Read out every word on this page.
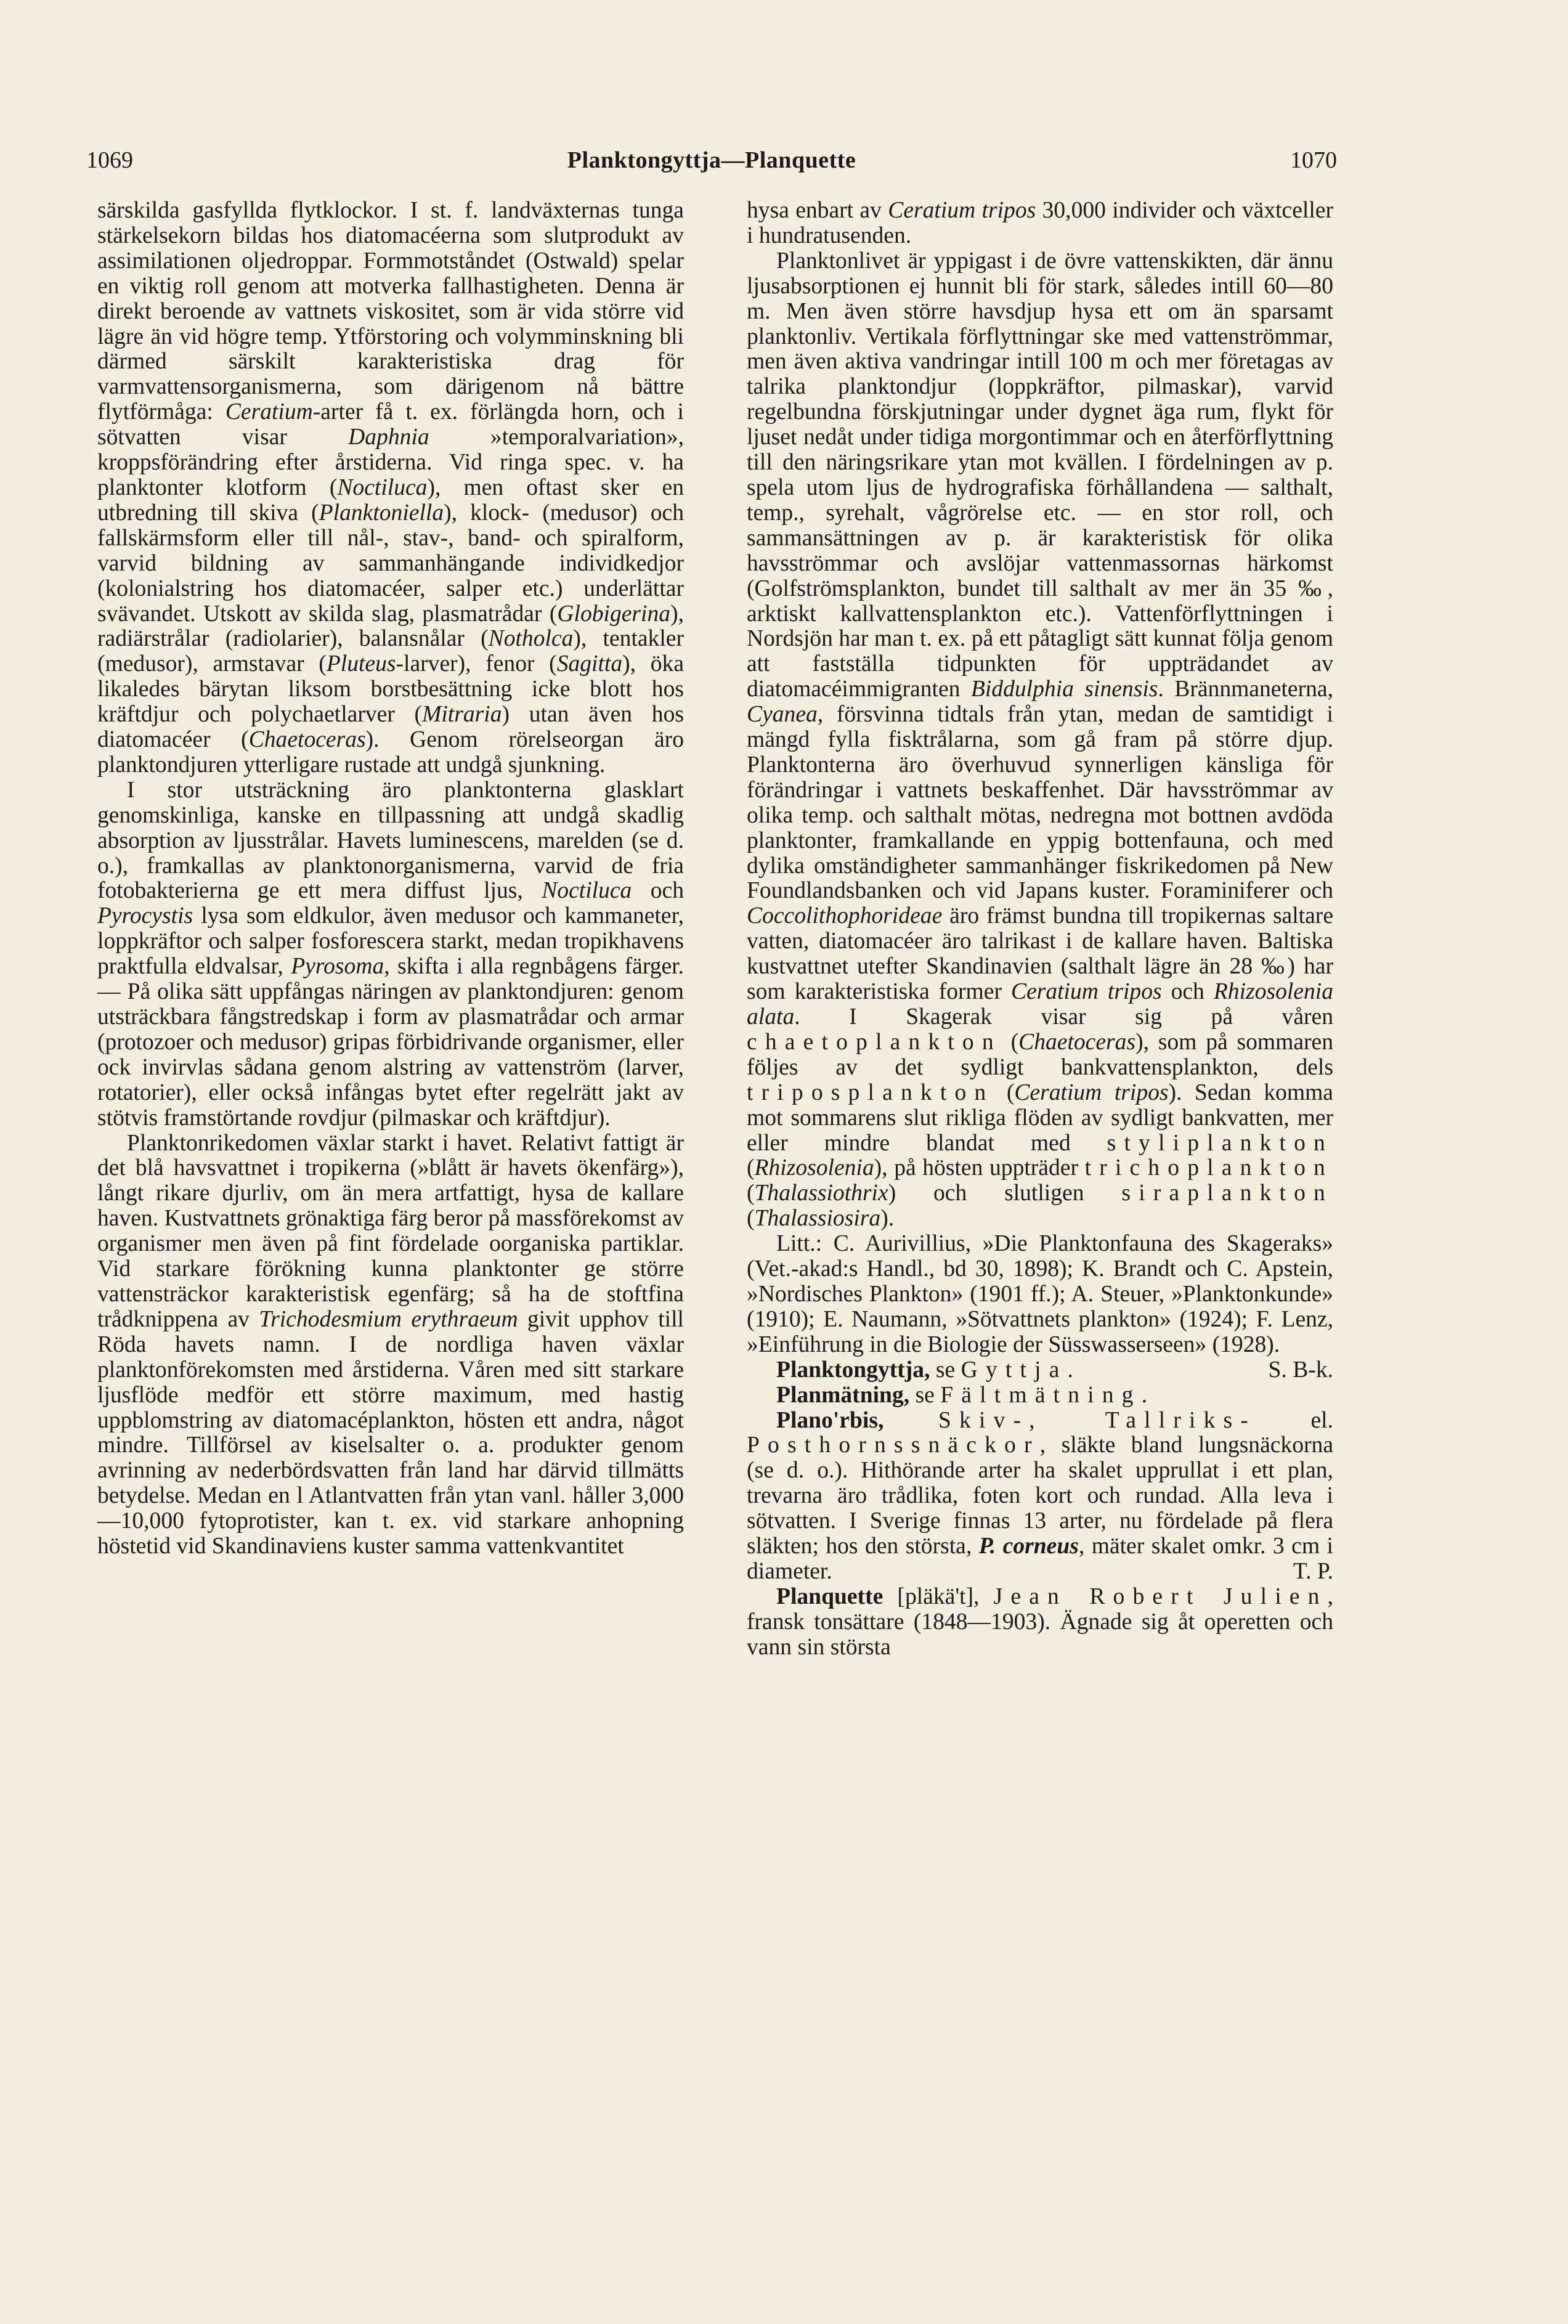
1069	Planktongyttja—Planquette	1070

särskilda gasfyllda flytklockor. I st. f. landväxternas tunga stärkelsekorn bildas hos diatomacéerna som slutprodukt av assimilationen oljedroppar. Formmotståndet (Ostwald) spelar en viktig roll genom att motverka fallhastigheten. Denna är direkt beroende av vattnets viskositet, som är vida större vid lägre än vid högre temp. Ytförstoring och volymminskning bli därmed särskilt karakteristiska drag för varmvattensorganismerna, som därigenom nå bättre flytförmåga: Ceratium-arter få t. ex. förlängda horn, och i sötvatten visar Daphnia »temporalvariation», kroppsförändring efter årstiderna. Vid ringa spec. v. ha planktonter klotform (Noctiluca), men oftast sker en utbredning till skiva (Planktoniella), klock- (medusor) och fallskärmsform eller till nål-, stav-, band- och spiralform, varvid bildning av sammanhängande individkedjor (kolonialstring hos diatomacéer, salper etc.) underlättar svävandet. Utskott av skilda slag, plasmatrådar (Globigerina), radiärstrålar (radiolarier), balansnålar (Notholca), tentakler (medusor), armstavar (Pluteus-larver), fenor (Sagitta), öka likaledes bärytan liksom borstbesättning icke blott hos kräftdjur och polychaetlarver (Mitraria) utan även hos diatomacéer (Chaetoceras). Genom rörelseorgan äro planktondjuren ytterligare rustade att undgå sjunkning.

I stor utsträckning äro planktonterna glasklart genomskinliga, kanske en tillpassning att undgå skadlig absorption av ljusstrålar. Havets luminescens, marelden (se d. o.), framkallas av planktonorganismerna, varvid de fria fotobakterierna ge ett mera diffust ljus, Noctiluca och Pyrocystis lysa som eldkulor, även medusor och kammaneter, loppkräftor och salper fosforescera starkt, medan tropikhavens praktfulla eldvalsar, Pyrosoma, skifta i alla regnbågens färger. — På olika sätt uppfångas näringen av planktondjuren: genom utsträckbara fångstredskap i form av plasmatrådar och armar (protozoer och medusor) gripas förbidrivande organismer, eller ock invirvlas sådana genom alstring av vattenström (larver, rotatorier), eller också infångas bytet efter regelrätt jakt av stötvis framstörtande rovdjur (pilmaskar och kräftdjur).

Planktonrikedomen växlar starkt i havet. Relativt fattigt är det blå havsvattnet i tropikerna (»blått är havets ökenfärg»), långt rikare djurliv, om än mera artfattigt, hysa de kallare haven. Kustvattnets grönaktiga färg beror på massförekomst av organismer men även på fint fördelade oorganiska partiklar. Vid starkare förökning kunna planktonter ge större vattensträckor karakteristisk egenfärg; så ha de stoftfina trådknippena av Trichodesmium erythraeum givit upphov till Röda havets namn. I de nordliga haven växlar planktonförekomsten med årstiderna. Våren med sitt starkare ljusflöde medför ett större maximum, med hastig uppblomstring av diatomacéplankton, hösten ett andra, något mindre. Tillförsel av kiselsalter o. a. produkter genom avrinning av nederbördsvatten från land har därvid tillmätts betydelse. Medan en l Atlantvatten från ytan vanl. håller 3,000—10,000 fytoprotister, kan t. ex. vid starkare anhopning höstetid vid Skandinaviens kuster samma vattenkvantitet

hysa enbart av Ceratium tripos 30,000 individer och växtceller i hundratusenden.

Planktonlivet är yppigast i de övre vattenskikten, där ännu ljusabsorptionen ej hunnit bli för stark, således intill 60—80 m. Men även större havsdjup hysa ett om än sparsamt planktonliv. Vertikala förflyttningar ske med vattenströmmar, men även aktiva vandringar intill 100 m och mer företagas av talrika planktondjur (loppkräftor, pilmaskar), varvid regelbundna förskjutningar under dygnet äga rum, flykt för ljuset nedåt under tidiga morgontimmar och en återförflyttning till den näringsrikare ytan mot kvällen. I fördelningen av p. spela utom ljus de hydrografiska förhållandena — salthalt, temp., syrehalt, vågrörelse etc. — en stor roll, och sammansättningen av p. är karakteristisk för olika havsströmmar och avslöjar vattenmassornas härkomst (Golfströmsplankton, bundet till salthalt av mer än 35 ‰, arktiskt kallvattensplankton etc.). Vattenförflyttningen i Nordsjön har man t. ex. på ett påtagligt sätt kunnat följa genom att fastställa tidpunkten för uppträdandet av diatomacéimmigranten Biddulphia sinensis. Brännmaneterna, Cyanea, försvinna tidtals från ytan, medan de samtidigt i mängd fylla fisktrålarna, som gå fram på större djup. Planktonterna äro överhuvud synnerligen känsliga för förändringar i vattnets beskaffenhet. Där havsströmmar av olika temp. och salthalt mötas, nedregna mot bottnen avdöda planktonter, framkallande en yppig bottenfauna, och med dylika omständigheter sammanhänger fiskrikedomen på New Foundlandsbanken och vid Japans kuster. Foraminiferer och Coccolithophorideae äro främst bundna till tropikernas saltare vatten, diatomacéer äro talrikast i de kallare haven. Baltiska kustvattnet utefter Skandinavien (salthalt lägre än 28 ‰) har som karakteristiska former Ceratium tripos och Rhizosolenia alata. I Skagerak visar sig på våren chaetoplankton (Chaetoceras), som på sommaren följes av det sydligt bankvattensplankton, dels triposplankton (Ceratium tripos). Sedan komma mot sommarens slut rikliga flöden av sydligt bankvatten, mer eller mindre blandat med styliplankton (Rhizosolenia), på hösten uppträder trichoplankton (Thalassiothrix) och slutligen siraplankton (Thalassiosira).

Litt.: C. Aurivillius, »Die Planktonfauna des Skageraks» (Vet.-akad:s Handl., bd 30, 1898); K. Brandt och C. Apstein, »Nordisches Plankton» (1901 ff.); A. Steuer, »Planktonkunde» (1910); E. Naumann, »Sötvattnets plankton» (1924); F. Lenz, »Einführung in die Biologie der Süsswasserseen» (1928).
S. B-k.

Planktongyttja, se Gyttja.

Planmätning, se Fältmätning.

Plano'rbis, Skiv-, Tallriks- el. Posthornssnäckor, släkte bland lungsnäckorna (se d. o.). Hithörande arter ha skalet upprullat i ett plan, trevarna äro trådlika, foten kort och rundad. Alla leva i sötvatten. I Sverige finnas 13 arter, nu fördelade på flera släkten; hos den största, P. corneus, mäter skalet omkr. 3 cm i diameter.	T. P.

Planquette [pläkä't], Jean Robert Julien, fransk tonsättare (1848—1903). Ägnade sig åt operetten och vann sin största
